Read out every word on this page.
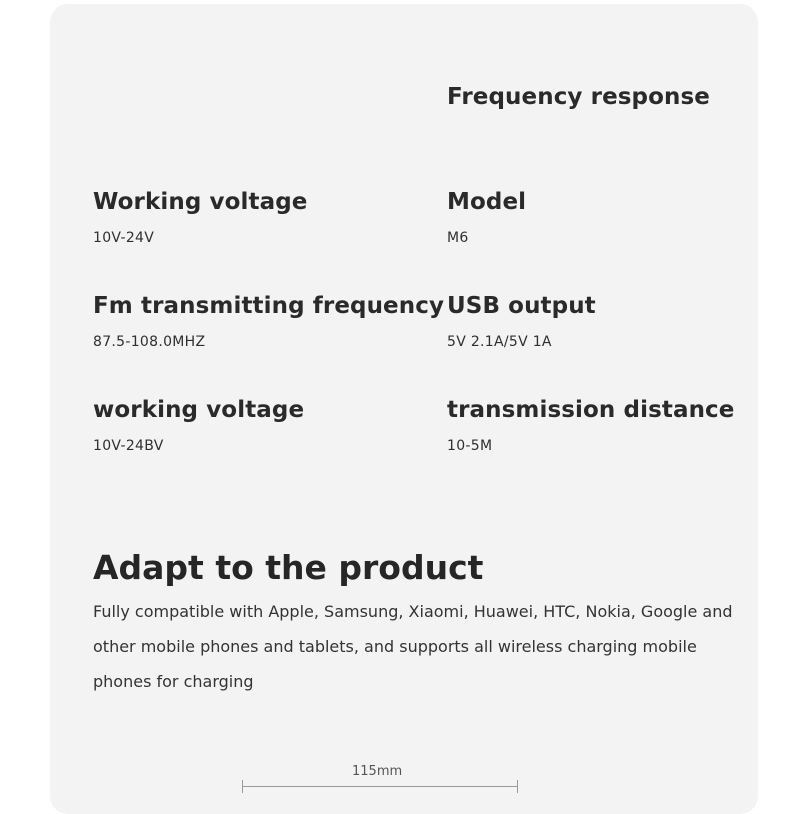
Frequency response
Model
M6
USB output
5V 2.1A/5V 1A
transmission distance
10-5M
Working voltage
10V-24V
Fm transmitting frequency
87.5-108.0MHZ
working voltage
10V-24BV
Adapt to the product
Fully compatible with Apple, Samsung, Xiaomi, Huawei, HTC, Nokia, Google and
other mobile phones and tablets, and supports all wireless charging mobile
phones for charging
115mm
